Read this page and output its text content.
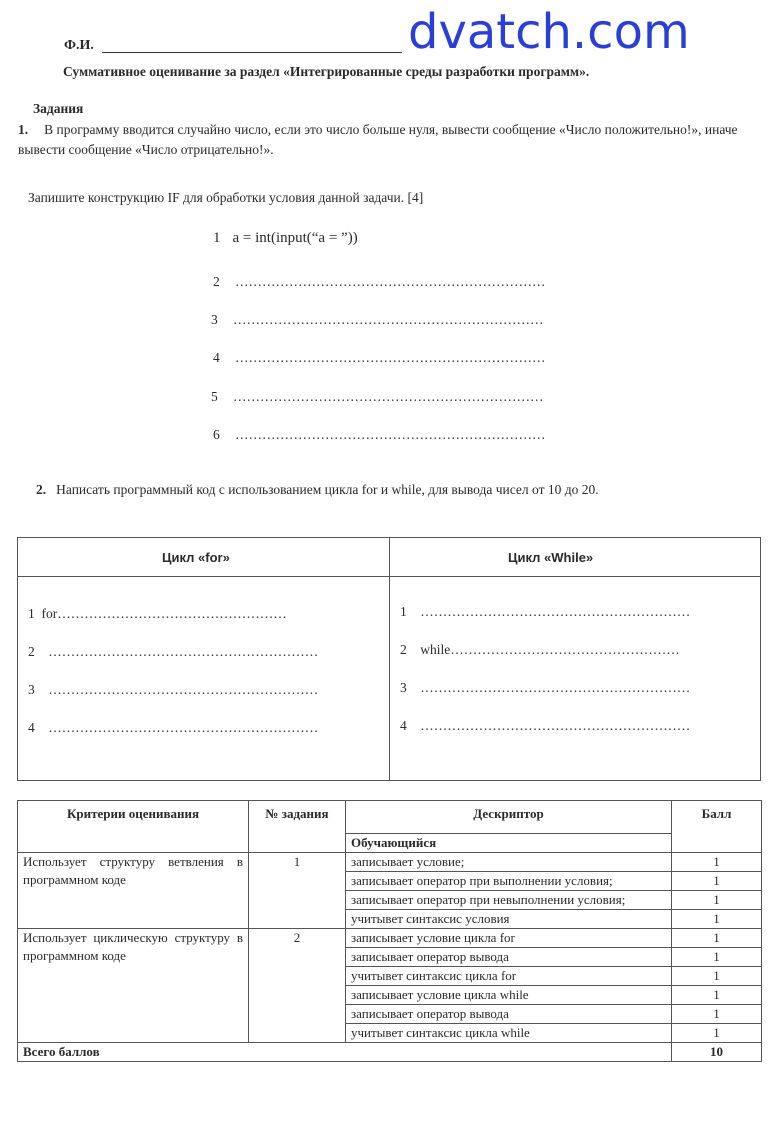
Ф.И.	dvatch.com
Суммативное оценивание за раздел «Интегрированные среды разработки программ».
Задания
1. В программу вводится случайно число, если это число больше нуля, вывести сообщение «Число положительно!», иначе вывести сообщение «Число отрицательно!».
Запишите конструкцию IF для обработки условия данной задачи. [4]
1 a = int(input(“a = ”))
2 ……………………………………………………………
3 ……………………………………………………………
4 ……………………………………………………………
5 ……………………………………………………………
6 ……………………………………………………………
2. Написать программный код с использованием цикла for и while, для вывода чисел от 10 до 20.
Цикл «for»	Цикл «While»
1 for……………………………………………
2 ……………………………………………………
3 ……………………………………………………
4 ……………………………………………………
1 ……………………………………………………
2 while……………………………………………
3 ……………………………………………………
4 ……………………………………………………
Критерии оценивания	№ задания	Дескриптор	Балл
		Обучающийся	
Использует структуру ветвления в программном коде	1	записывает условие;	1
		записывает оператор при выполнении условия;	1
		записывает оператор при невыполнении условия;	1
		учитывет синтаксис условия	1
Использует циклическую структуру в программном коде	2	записывает условие цикла for	1
		записывает оператор вывода	1
		учитывет синтаксис цикла for	1
		записывает условие цикла while	1
		записывает оператор вывода	1
		учитывет синтаксис цикла while	1
Всего баллов			10
